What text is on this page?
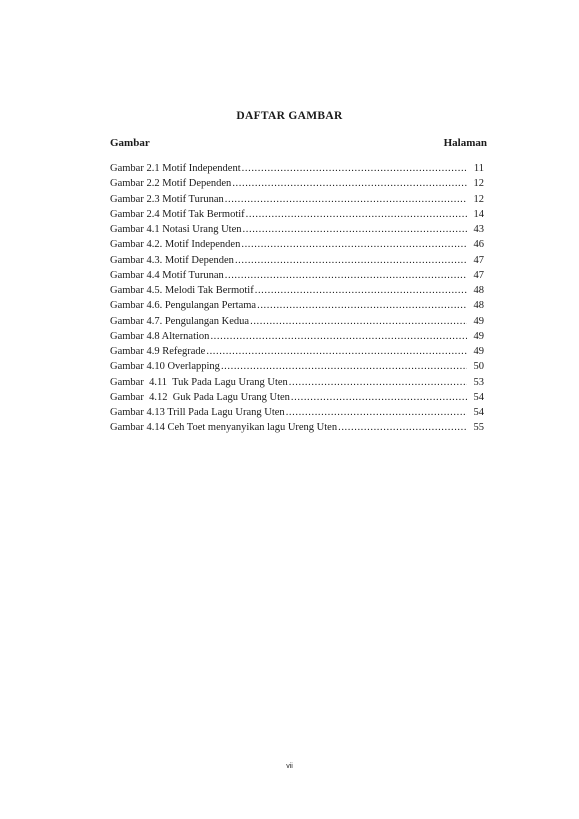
DAFTAR GAMBAR
Gambar	Halaman
Gambar 2.1 Motif Independent .....	11
Gambar 2.2 Motif Dependen .....	12
Gambar 2.3 Motif Turunan .....	12
Gambar 2.4 Motif Tak Bermotif .....	14
Gambar 4.1 Notasi Urang Uten .....	43
Gambar 4.2. Motif Independen .....	46
Gambar 4.3. Motif Dependen .....	47
Gambar 4.4 Motif Turunan .....	47
Gambar 4.5. Melodi Tak Bermotif .....	48
Gambar 4.6. Pengulangan Pertama .....	48
Gambar 4.7. Pengulangan Kedua .....	49
Gambar 4.8 Alternation .....	49
Gambar 4.9 Refegrade .....	49
Gambar 4.10 Overlapping .....	50
Gambar  4.11  Tuk Pada Lagu Urang Uten .....	53
Gambar  4.12  Guk Pada Lagu Urang Uten .....	54
Gambar 4.13 Trill Pada Lagu Urang Uten .....	54
Gambar 4.14 Ceh Toet menyanyikan lagu Ureng Uten .....	55
vii
